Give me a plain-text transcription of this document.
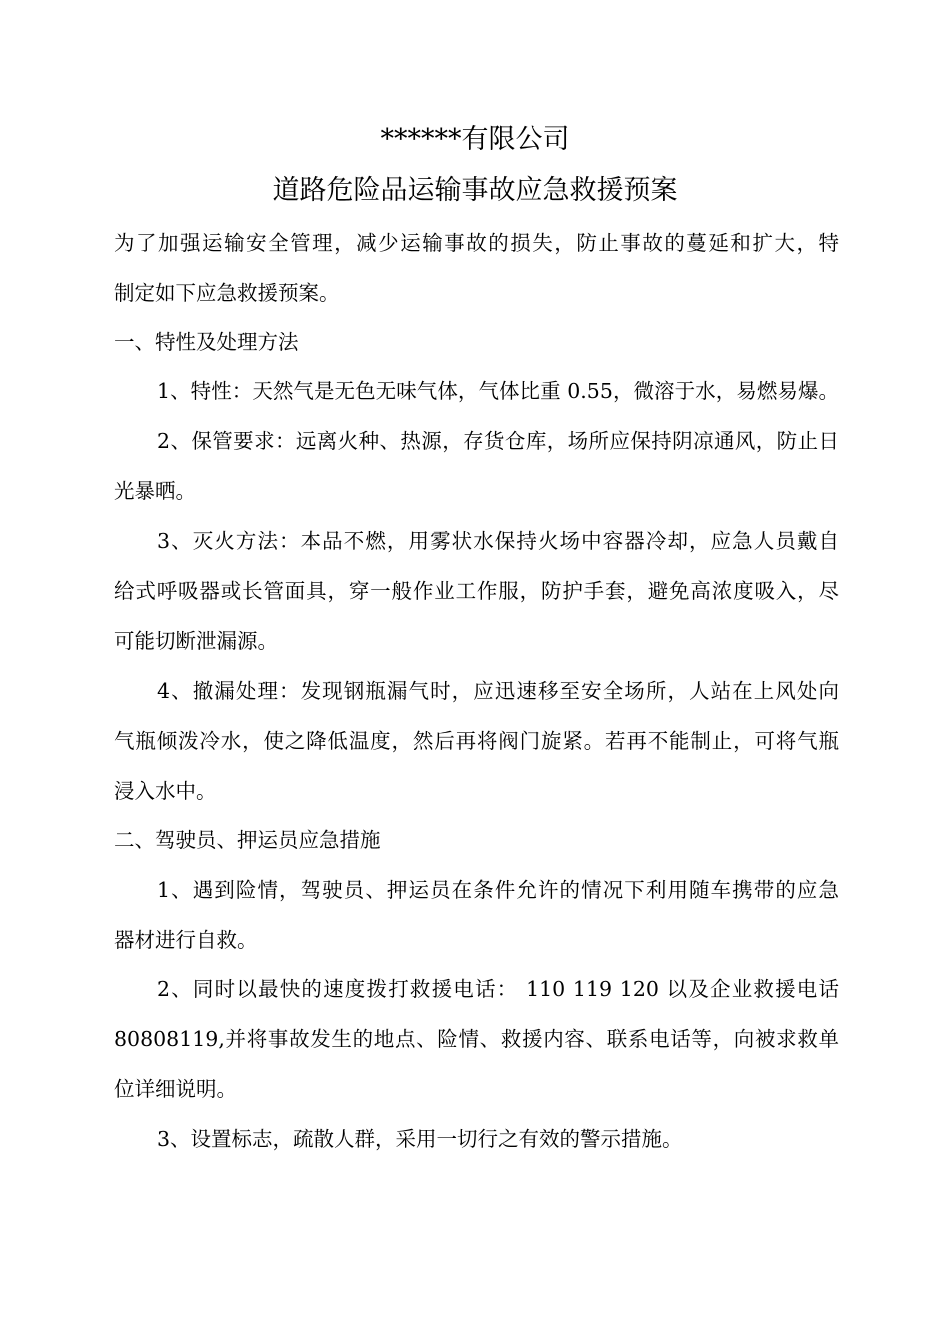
******有限公司
道路危险品运输事故应急救援预案
为了加强运输安全管理，减少运输事故的损失，防止事故的蔓延和扩大，特
制定如下应急救援预案。
一、特性及处理方法
1、特性：天然气是无色无味气体，气体比重 0.55，微溶于水，易燃易爆。
2、保管要求：远离火种、热源，存货仓库，场所应保持阴凉通风，防止日
光暴晒。
3、灭火方法：本品不燃，用雾状水保持火场中容器冷却，应急人员戴自
给式呼吸器或长管面具，穿一般作业工作服，防护手套，避免高浓度吸入，尽
可能切断泄漏源。
4、撤漏处理：发现钢瓶漏气时，应迅速移至安全场所，人站在上风处向
气瓶倾泼冷水，使之降低温度，然后再将阀门旋紧。若再不能制止，可将气瓶
浸入水中。
二、驾驶员、押运员应急措施
1、遇到险情，驾驶员、押运员在条件允许的情况下利用随车携带的应急
器材进行自救。
2、同时以最快的速度拨打救援电话： 110 119 120 以及企业救援电话
80808119,并将事故发生的地点、险情、救援内容、联系电话等，向被求救单
位详细说明。
3、设置标志，疏散人群，采用一切行之有效的警示措施。
